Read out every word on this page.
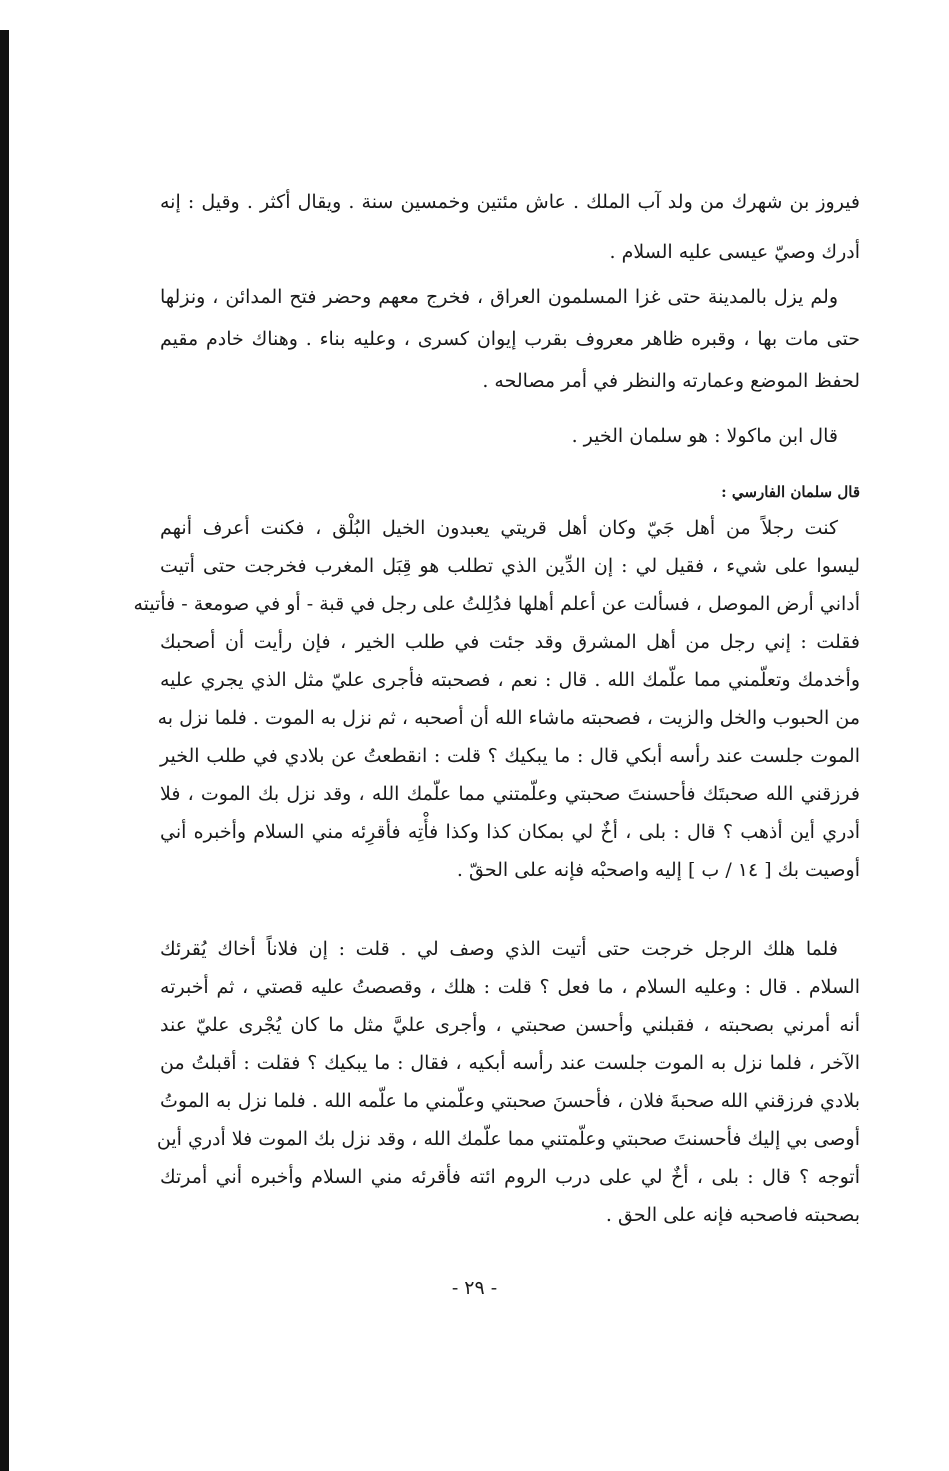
فيروز بن شهرك من ولد آب الملك . عاش مئتين وخمسين سنة . ويقال أكثر . وقيل : إنه
أدرك وصيّ عيسى عليه السلام .
ولم يزل بالمدينة حتى غزا المسلمون العراق ، فخرج معهم وحضر فتح المدائن ، ونزلها
حتى مات بها ، وقبره ظاهر معروف بقرب إيوان كسرى ، وعليه بناء . وهناك خادم مقيم
لحفظ الموضع وعمارته والنظر في أمر مصالحه .
قال ابن ماكولا : هو سلمان الخير .
قال سلمان الفارسي :
كنت رجلاً من أهل جَيّ وكان أهل قريتي يعبدون الخيل البُلْق ، فكنت أعرف أنهم
ليسوا على شيء ، فقيل لي : إن الدِّين الذي تطلب هو قِبَل المغرب فخرجت حتى أتيت
أداني أرض الموصل ، فسألت عن أعلم أهلها فدُلِلتُ على رجل في قبة - أو في صومعة - فأتيته
فقلت : إني رجل من أهل المشرق وقد جئت في طلب الخير ، فإن رأيت أن أصحبك
وأخدمك وتعلّمني مما علّمك الله . قال : نعم ، فصحبته فأجرى عليّ مثل الذي يجري عليه
من الحبوب والخل والزيت ، فصحبته ماشاء الله أن أصحبه ، ثم نزل به الموت . فلما نزل به
الموت جلست عند رأسه أبكي قال : ما يبكيك ؟ قلت : انقطعتُ عن بلادي في طلب الخير
فرزقني الله صحبتَك فأحسنتَ صحبتي وعلّمتني مما علّمك الله ، وقد نزل بك الموت ، فلا
أدري أين أذهب ؟ قال : بلى ، أخٌ لي بمكان كذا وكذا فأْتِه فأقرِئه مني السلام وأخبره أني
أوصيت بك [ ١٤ / ب ] إليه واصحبْه فإنه على الحقّ .
فلما هلك الرجل خرجت حتى أتيت الذي وصف لي . قلت : إن فلاناً أخاك يُقرئك
السلام . قال : وعليه السلام ، ما فعل ؟ قلت : هلك ، وقصصتُ عليه قصتي ، ثم أخبرته
أنه أمرني بصحبته ، فقبلني وأحسن صحبتي ، وأجرى عليَّ مثل ما كان يُجْرى عليّ عند
الآخر ، فلما نزل به الموت جلست عند رأسه أبكيه ، فقال : ما يبكيك ؟ فقلت : أقبلتُ من
بلادي فرزقني الله صحبةَ فلان ، فأحسنَ صحبتي وعلّمني ما علّمه الله . فلما نزل به الموتُ
أوصى بي إليك فأحسنتَ صحبتي وعلّمتني مما علّمك الله ، وقد نزل بك الموت فلا أدري أين
أتوجه ؟ قال : بلى ، أخٌ لي على درب الروم ائته فأقرئه مني السلام وأخبره أني أمرتك
بصحبته فاصحبه فإنه على الحق .
- ٢٩ -
